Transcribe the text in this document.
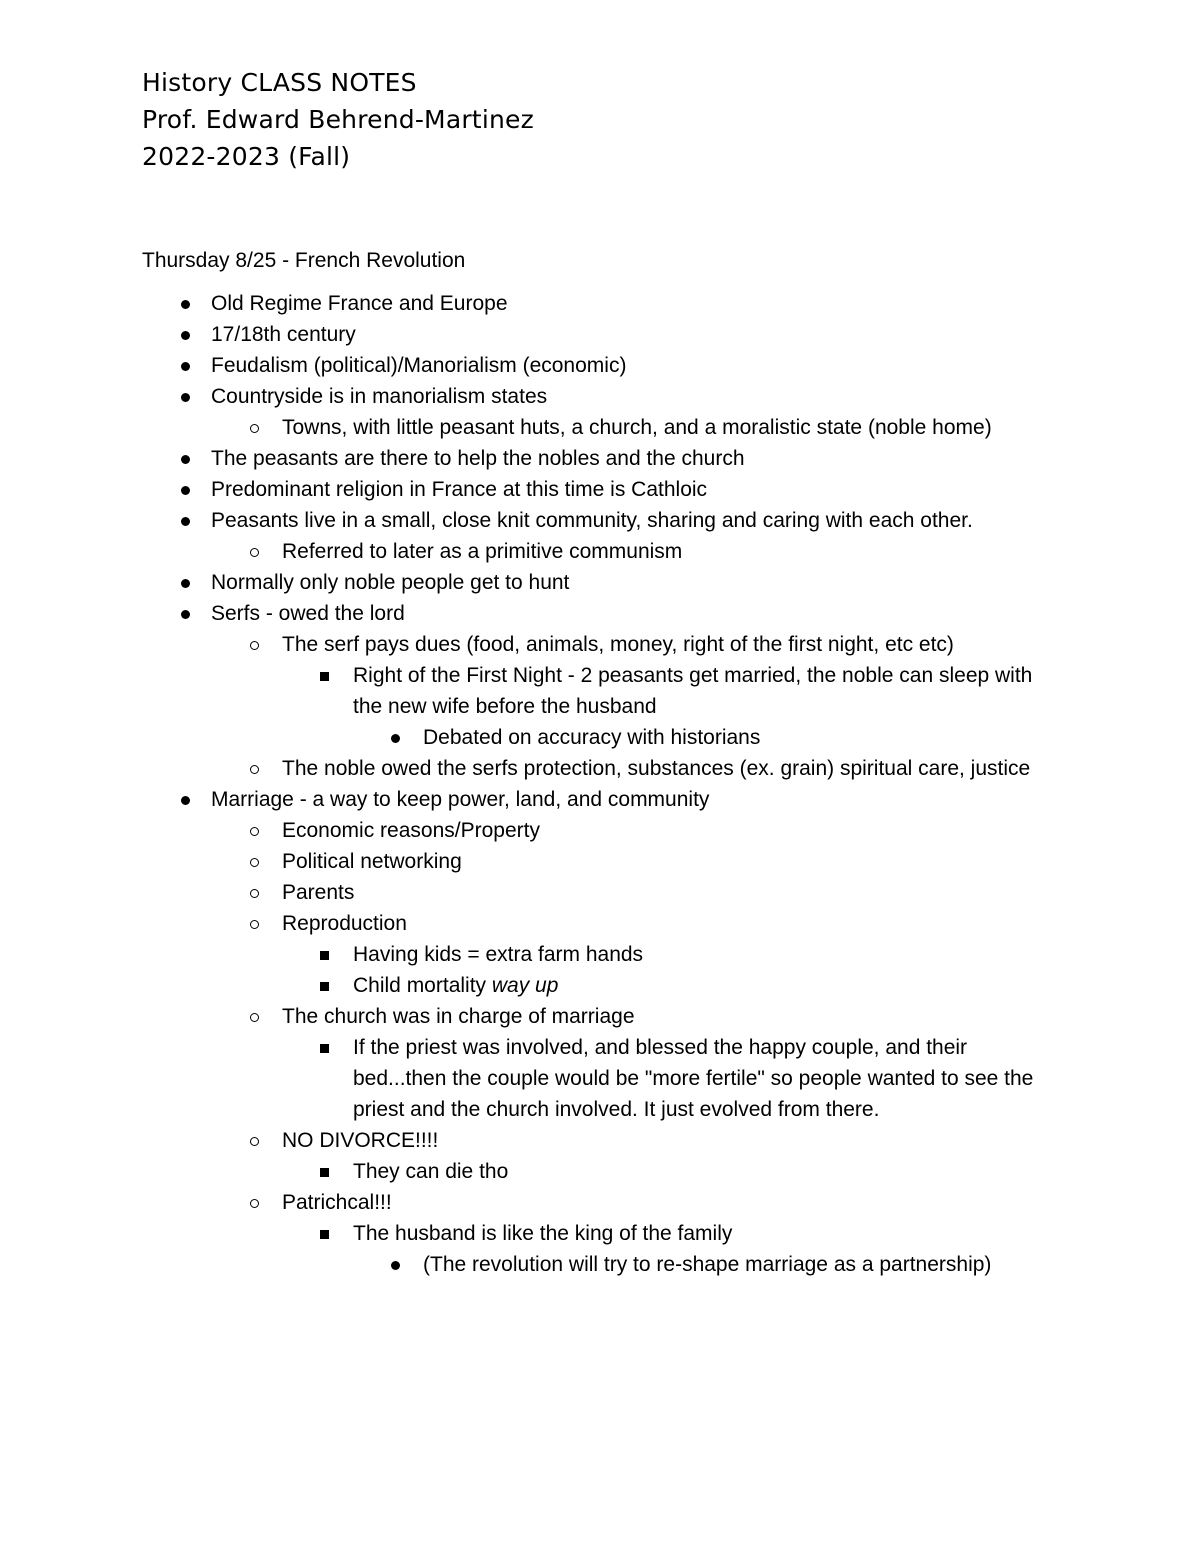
History CLASS NOTES
Prof. Edward Behrend-Martinez
2022-2023 (Fall)
Thursday 8/25 - French Revolution
Old Regime France and Europe
17/18th century
Feudalism (political)/Manorialism (economic)
Countryside is in manorialism states
Towns, with little peasant huts, a church, and a moralistic state (noble home)
The peasants are there to help the nobles and the church
Predominant religion in France at this time is Cathloic
Peasants live in a small, close knit community, sharing and caring with each other.
Referred to later as a primitive communism
Normally only noble people get to hunt
Serfs - owed the lord
The serf pays dues (food, animals, money, right of the first night, etc etc)
Right of the First Night - 2 peasants get married, the noble can sleep with the new wife before the husband
Debated on accuracy with historians
The noble owed the serfs protection, substances (ex. grain) spiritual care, justice
Marriage - a way to keep power, land, and community
Economic reasons/Property
Political networking
Parents
Reproduction
Having kids = extra farm hands
Child mortality way up
The church was in charge of marriage
If the priest was involved, and blessed the happy couple, and their bed...then the couple would be "more fertile" so people wanted to see the priest and the church involved. It just evolved from there.
NO DIVORCE!!!!
They can die tho
Patrichcal!!!
The husband is like the king of the family
(The revolution will try to re-shape marriage as a partnership)
